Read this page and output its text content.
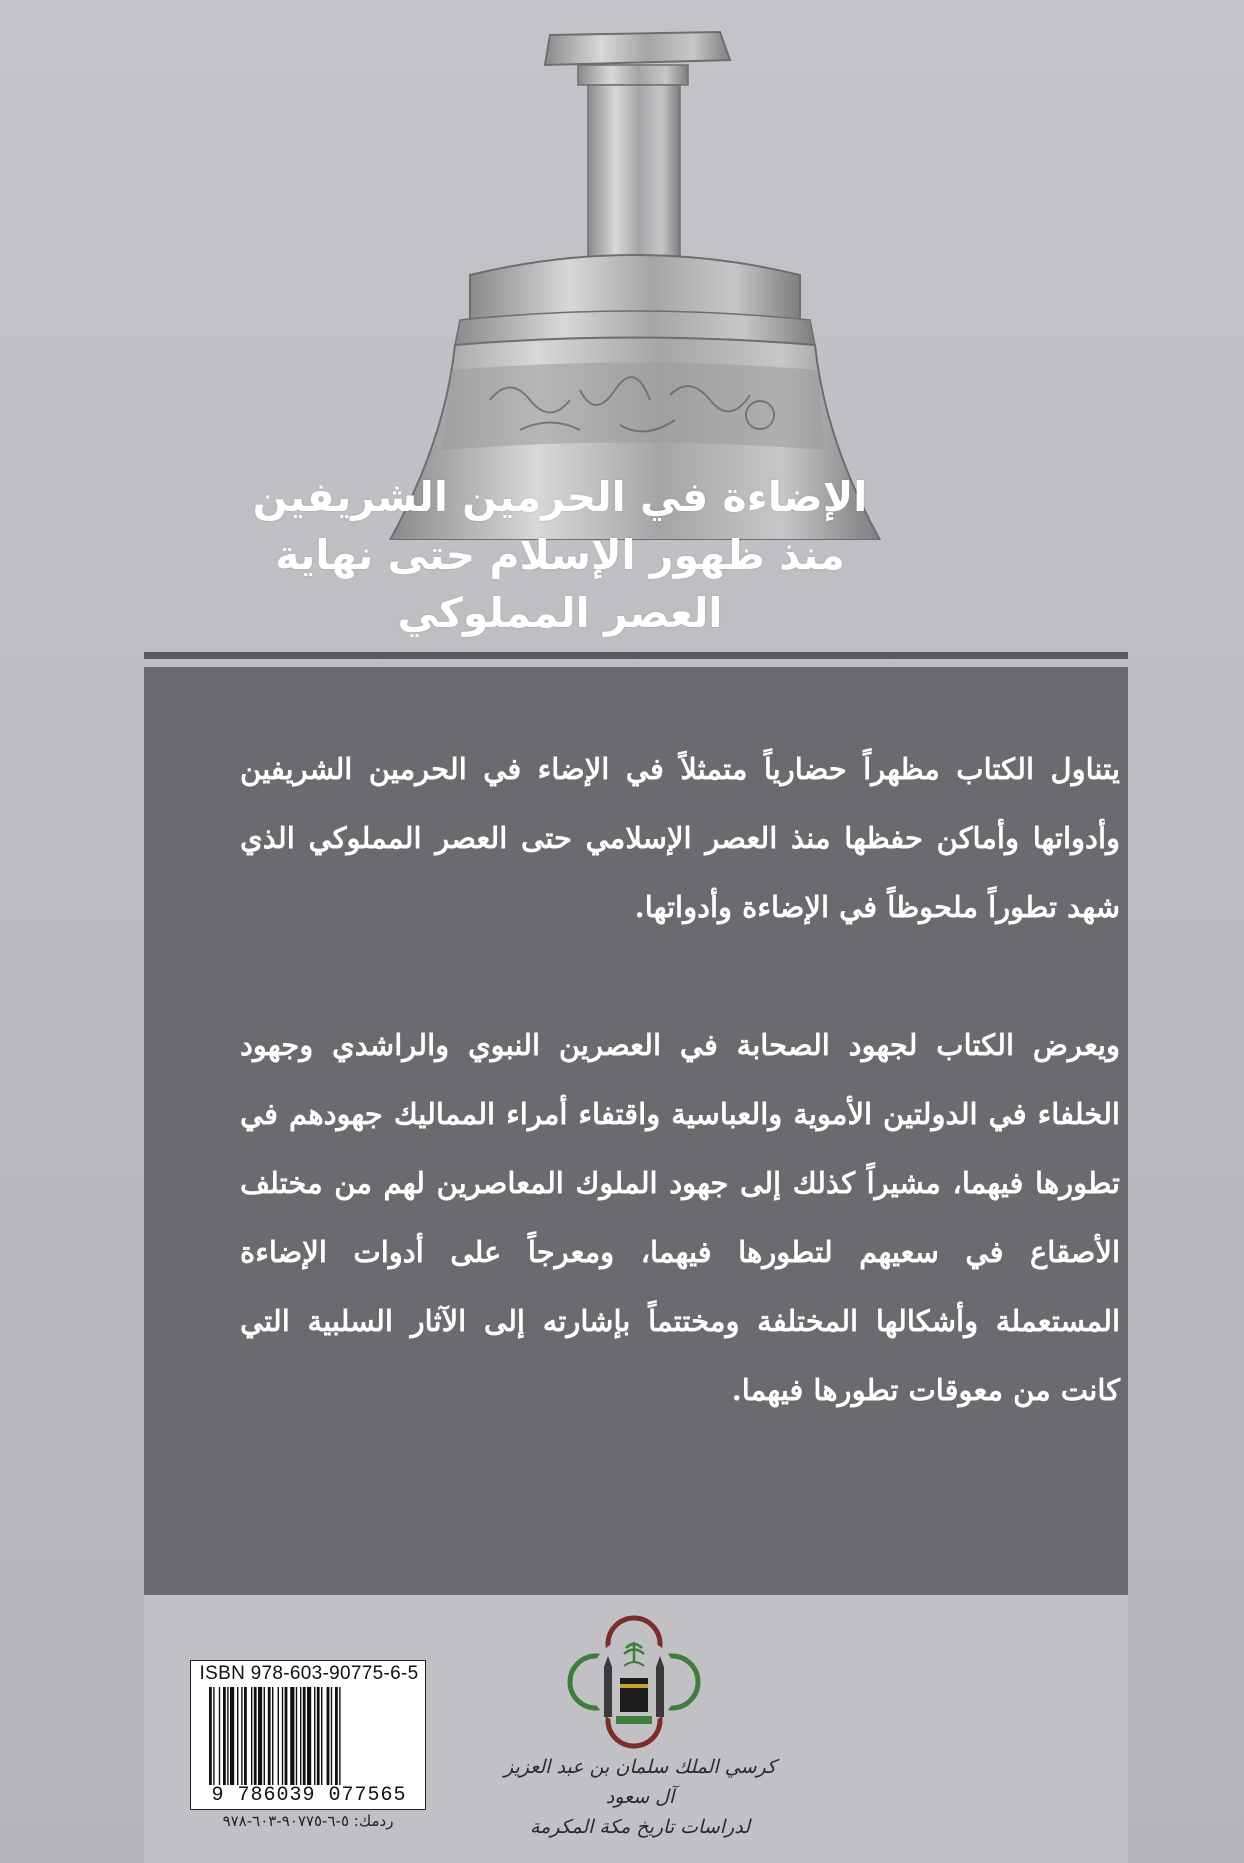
الإضاءة في الحرمين الشريفين
منذ ظهور الإسلام حتى نهاية
العصر المملوكي

يتناول الكتاب مظهراً حضارياً متمثلاً في الإضاء في الحرمين الشريفين وأدواتها وأماكن حفظها منذ العصر الإسلامي حتى العصر المملوكي الذي شهد تطوراً ملحوظاً في الإضاءة وأدواتها.

ويعرض الكتاب لجهود الصحابة في العصرين النبوي والراشدي وجهود الخلفاء في الدولتين الأموية والعباسية واقتفاء أمراء المماليك جهودهم في تطورها فيهما، مشيراً كذلك إلى جهود الملوك المعاصرين لهم من مختلف الأصقاع في سعيهم لتطورها فيهما، ومعرجاً على أدوات الإضاءة المستعملة وأشكالها المختلفة ومختتماً بإشارته إلى الآثار السلبية التي كانت من معوقات تطورها فيهما.

ISBN 978-603-90775-6-5
9 786039 077565
ردمك: ٥-٦-٩٠٧٧٥-٦٠٣-٩٧٨
كرسي الملك سلمان بن عبد العزيز آل سعود
لدراسات تاريخ مكة المكرمة
